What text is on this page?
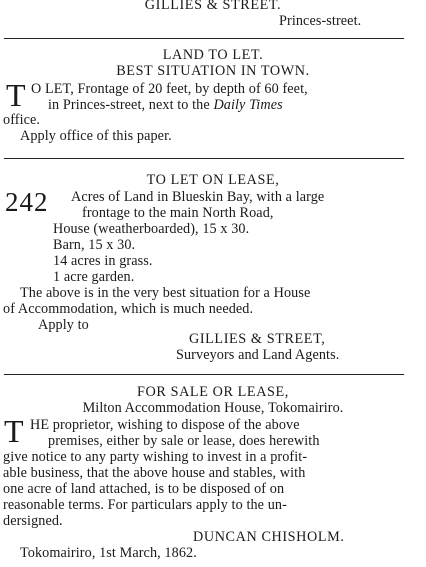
GILLIES & STREET.
Princes-street.
LAND TO LET.
BEST SITUATION IN TOWN.
T O LET, Frontage of 20 feet, by depth of 60 feet,
in Princes-street, next to the Daily Times
office.
Apply office of this paper.
TO LET ON LEASE,
242 Acres of Land in Blueskin Bay, with a large
frontage to the main North Road,
House (weatherboarded), 15 x 30.
Barn, 15 x 30.
14 acres in grass.
1 acre garden.
The above is in the very best situation for a House
of Accommodation, which is much needed.
Apply to
GILLIES & STREET,
Surveyors and Land Agents.
FOR SALE OR LEASE,
Milton Accommodation House, Tokomairiro.
T HE proprietor, wishing to dispose of the above
premises, either by sale or lease, does herewith
give notice to any party wishing to invest in a profit-
able business, that the above house and stables, with
one acre of land attached, is to be disposed of on
reasonable terms. For particulars apply to the un-
dersigned.
DUNCAN CHISHOLM.
Tokomairiro, 1st March, 1862.
